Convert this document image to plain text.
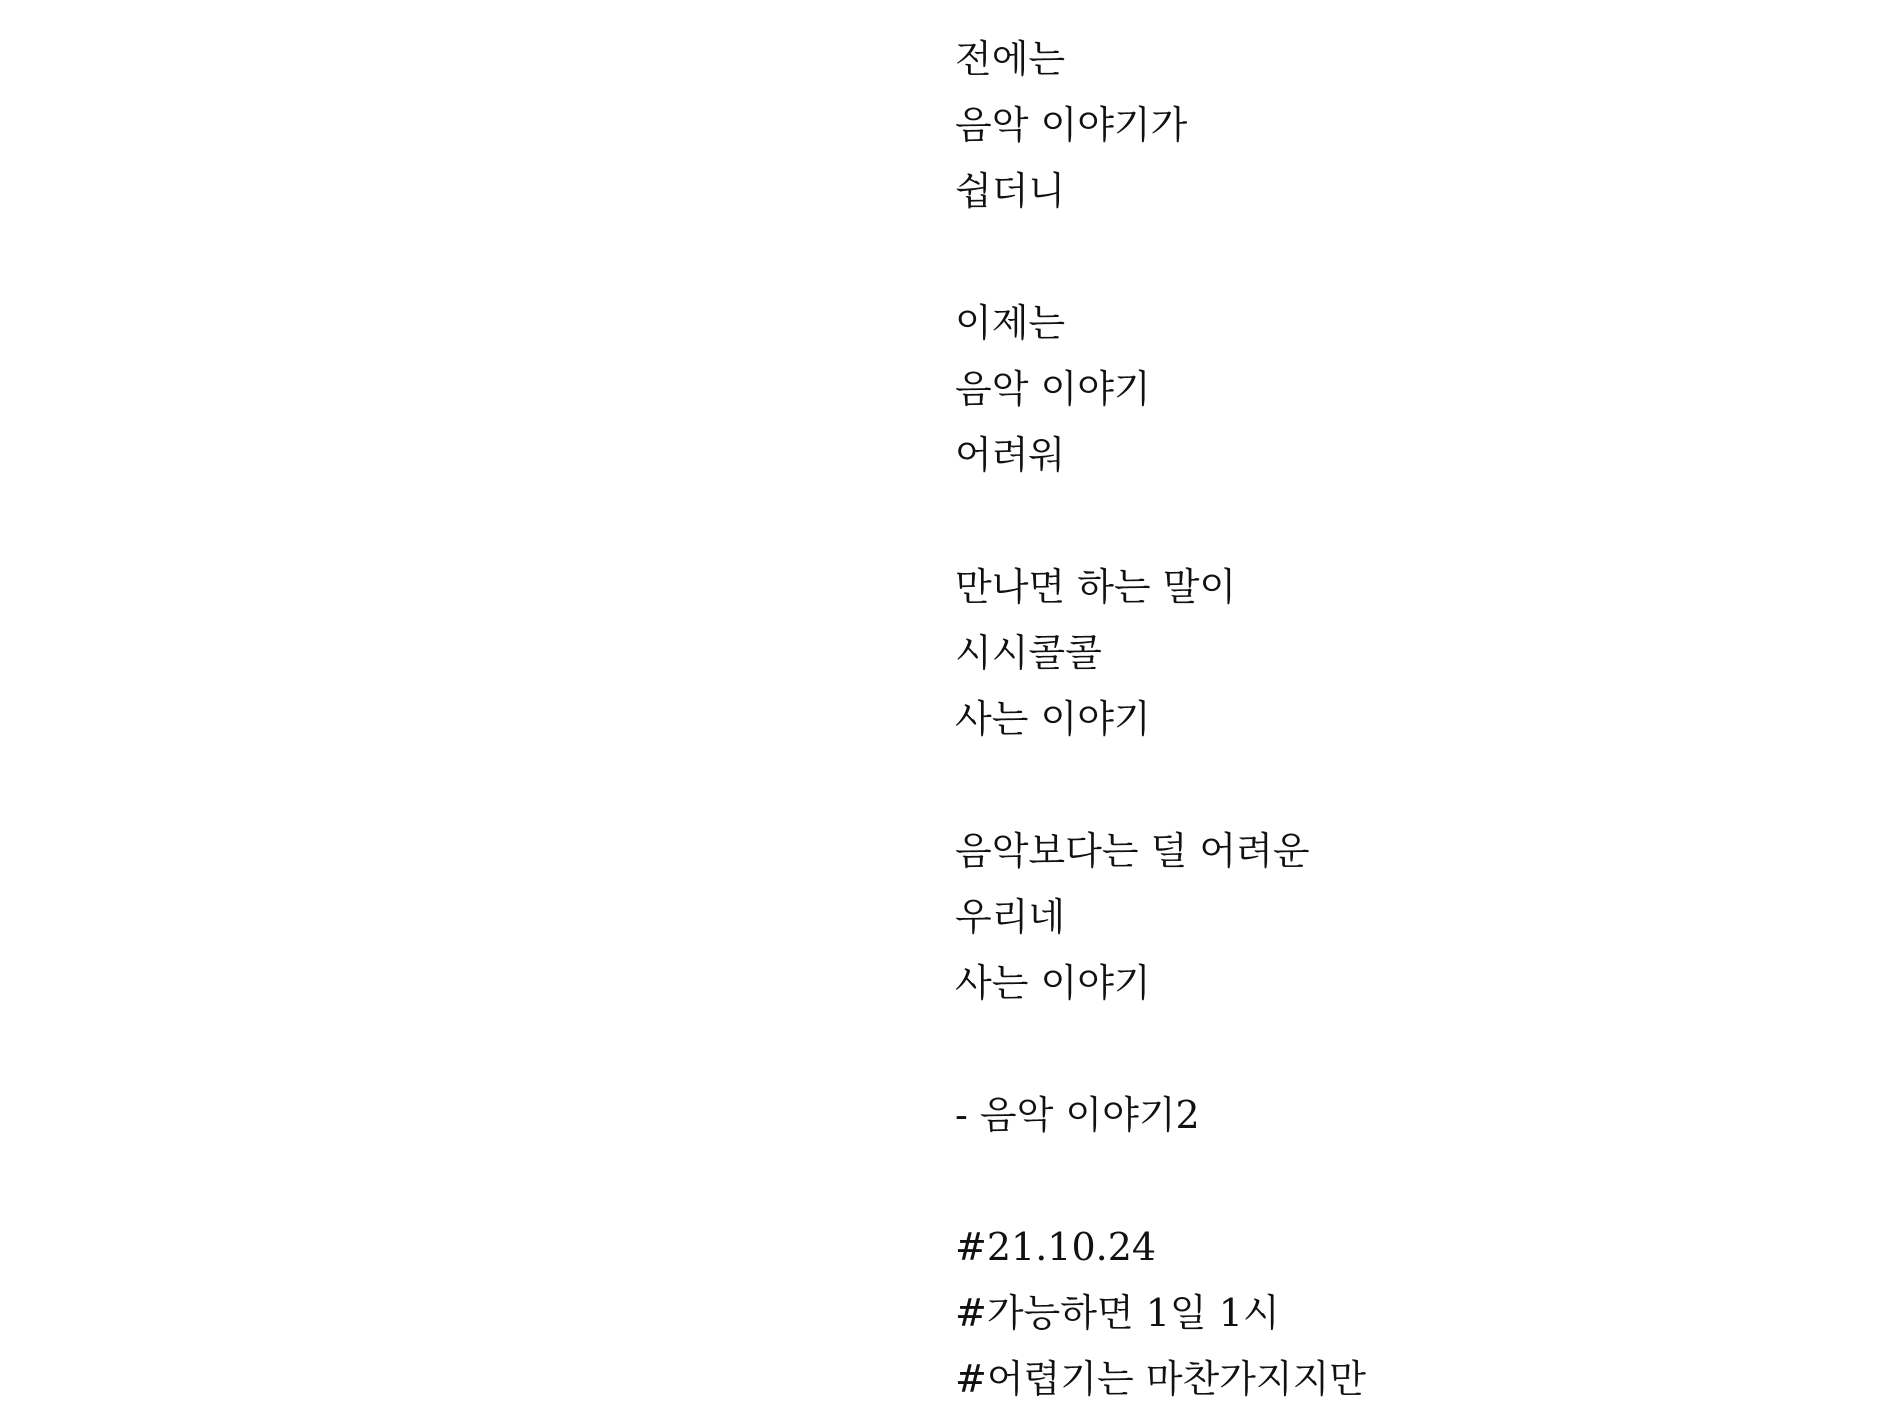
전에는
음악 이야기가
쉽더니
이제는
음악 이야기
어려워
만나면 하는 말이
시시콜콜
사는 이야기
음악보다는 덜 어려운
우리네
사는 이야기
- 음악 이야기2
#21.10.24
#가능하면 1일 1시
#어렵기는 마찬가지지만
